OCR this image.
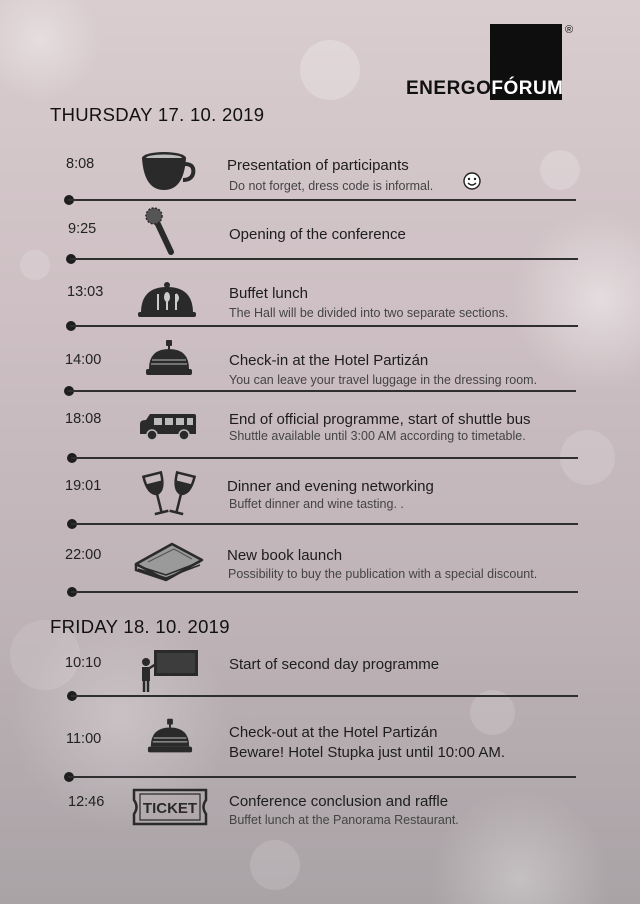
®
ENERGOFÓRUM
THURSDAY 17. 10. 2019
FRIDAY 18. 10. 2019
8:08	Presentation of participants
Do not forget, dress code is informal.
9:25	Opening of the conference
13:03	Buffet lunch
The Hall will be divided into two separate sections.
14:00	Check-in at the Hotel Partizán
You can leave your travel luggage in the dressing room.
18:08	End of official programme, start of shuttle bus
Shuttle available until 3:00 AM according to timetable.
19:01	Dinner and evening networking
Buffet dinner and wine tasting. .
22:00	New book launch
Possibility to buy the publication with a special discount.
10:10	Start of second day programme
11:00	Check-out at the Hotel Partizán
Beware! Hotel Stupka just until 10:00 AM.
12:46	TICKET Conference conclusion and raffle
Buffet lunch at the Panorama Restaurant.
